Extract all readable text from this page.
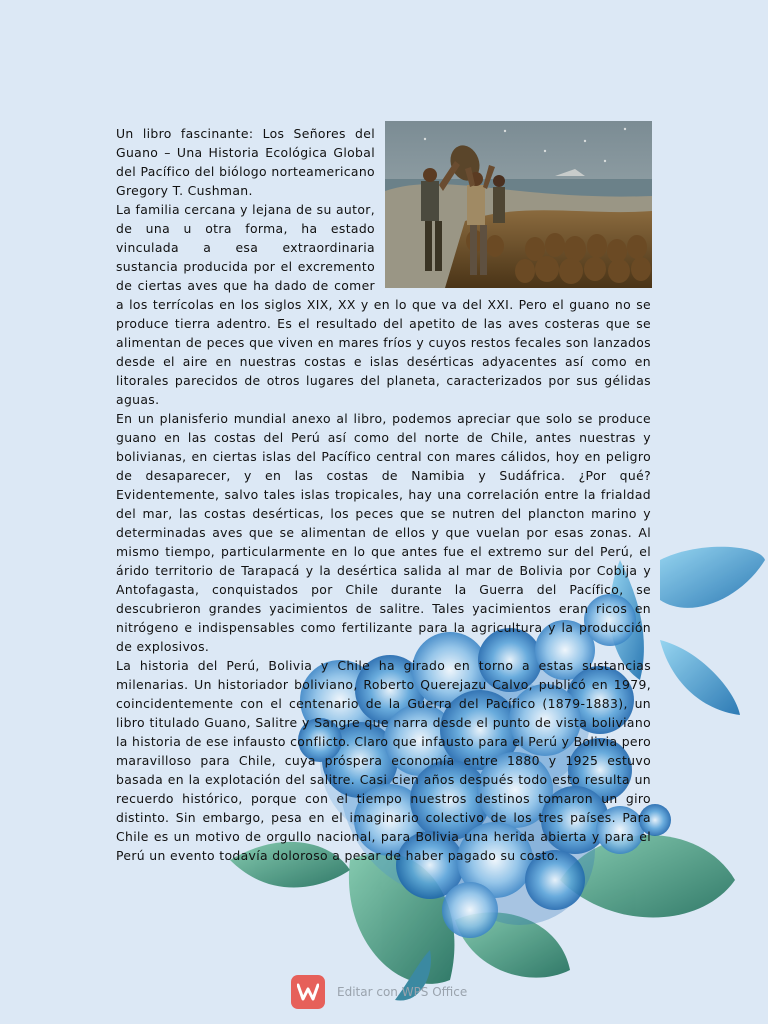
Un libro fascinante: Los Señores del Guano – Una Historia Ecológica Global del Pacífico del biólogo norteamericano Gregory T. Cushman.

La familia cercana y lejana de su autor, de una u otra forma, ha estado vinculada a esa extraordinaria sustancia producida por el excremento de ciertas aves que ha dado de comer a los terrícolas en los siglos XIX, XX y en lo que va del XXI. Pero el guano no se produce tierra adentro. Es el resultado del apetito de las aves costeras que se alimentan de peces que viven en mares fríos y cuyos restos fecales son lanzados desde el aire en nuestras costas e islas desérticas adyacentes así como en litorales parecidos de otros lugares del planeta, caracterizados por sus gélidas aguas.

En un planisferio mundial anexo al libro, podemos apreciar que solo se produce guano en las costas del Perú así como del norte de Chile, antes nuestras y bolivianas, en ciertas islas del Pacífico central con mares cálidos, hoy en peligro de desaparecer, y en las costas de Namibia y Sudáfrica. ¿Por qué? Evidentemente, salvo tales islas tropicales, hay una correlación entre la frialdad del mar, las costas desérticas, los peces que se nutren del plancton marino y determinadas aves que se alimentan de ellos y que vuelan por esas zonas. Al mismo tiempo, particularmente en lo que antes fue el extremo sur del Perú, el árido territorio de Tarapacá y la desértica salida al mar de Bolivia por Cobija y Antofagasta, conquistados por Chile durante la Guerra del Pacífico, se descubrieron grandes yacimientos de salitre. Tales yacimientos eran ricos en nitrógeno e indispensables como fertilizante para la agricultura y la producción de explosivos.

La historia del Perú, Bolivia y Chile ha girado en torno a estas sustancias milenarias. Un historiador boliviano, Roberto Querejazu Calvo, publicó en 1979, coincidentemente con el centenario de la Guerra del Pacífico (1879-1883), un libro titulado Guano, Salitre y Sangre que narra desde el punto de vista boliviano la historia de ese infausto conflicto. Claro que infausto para el Perú y Bolivia pero maravilloso para Chile, cuya próspera economía entre 1880 y 1925 estuvo basada en la explotación del salitre. Casi cien años después todo esto resulta un recuerdo histórico, porque con el tiempo nuestros destinos tomaron un giro distinto. Sin embargo, pesa en el imaginario colectivo de los tres países. Para Chile es un motivo de orgullo nacional, para Bolivia una herida abierta y para el Perú un evento todavía doloroso a pesar de haber pagado su costo.

Editar con WPS Office
